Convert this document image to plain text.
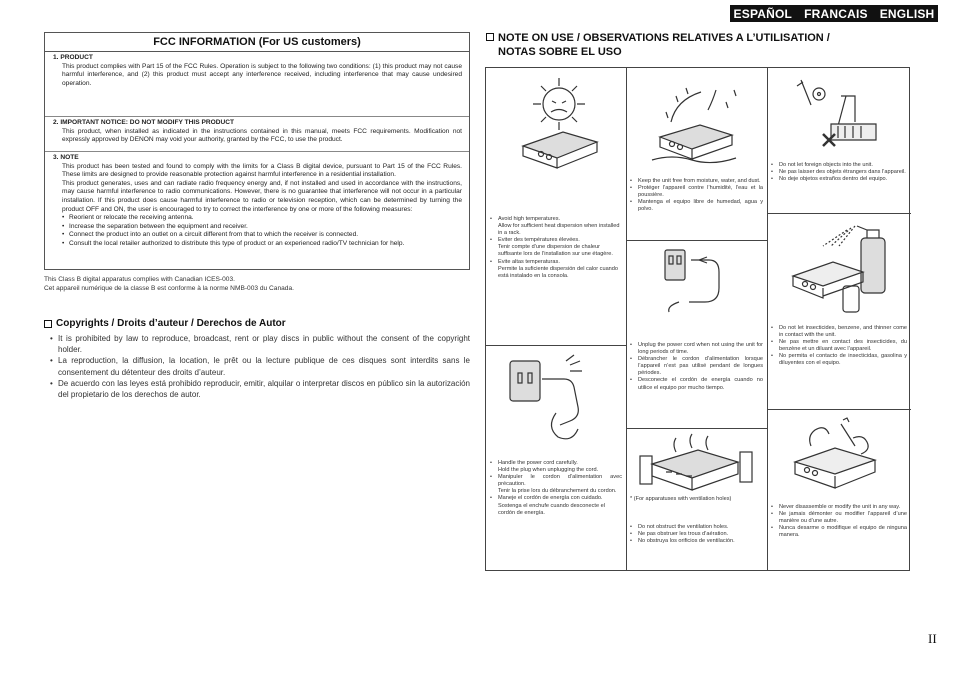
ESPAÑOL FRANCAIS ENGLISH
FCC INFORMATION (For US customers)
1. PRODUCT
This product complies with Part 15 of the FCC Rules. Operation is subject to the following two conditions: (1) this product may not cause harmful interference, and (2) this product must accept any interference received, including interference that may cause undesired operation.
2. IMPORTANT NOTICE: DO NOT MODIFY THIS PRODUCT
This product, when installed as indicated in the instructions contained in this manual, meets FCC requirements. Modification not expressly approved by DENON may void your authority, granted by the FCC, to use the product.
3. NOTE
This product has been tested and found to comply with the limits for a Class B digital device, pursuant to Part 15 of the FCC Rules. These limits are designed to provide reasonable protection against harmful interference in a residential installation.
This product generates, uses and can radiate radio frequency energy and, if not installed and used in accordance with the instructions, may cause harmful interference to radio communications. However, there is no guarantee that interference will not occur in a particular installation. If this product does cause harmful interference to radio or television reception, which can be determined by turning the product OFF and ON, the user is encouraged to try to correct the interference by one or more of the following measures:
• Reorient or relocate the receiving antenna.
• Increase the separation between the equipment and receiver.
• Connect the product into an outlet on a circuit different from that to which the receiver is connected.
• Consult the local retailer authorized to distribute this type of product or an experienced radio/TV technician for help.
This Class B digital apparatus complies with Canadian ICES-003.
Cet appareil numérique de la classe B est conforme à la norme NMB-003 du Canada.
Copyrights / Droits d’auteur / Derechos de Autor
• It is prohibited by law to reproduce, broadcast, rent or play discs in public without the consent of the copyright holder.
• La reproduction, la diffusion, la location, le prêt ou la lecture publique de ces disques sont interdits sans le consentement du détenteur des droits d’auteur.
• De acuerdo con las leyes está prohibido reproducir, emitir, alquilar o interpretar discos en público sin la autorización del propietario de los derechos de autor.
NOTE ON USE / OBSERVATIONS RELATIVES A L’UTILISATION /
NOTAS SOBRE EL USO
• Avoid high temperatures.
Allow for sufficient heat dispersion when installed in a rack.
• Eviter des températures élevées.
Tenir compte d’une dispersion de chaleur suffisante lors de l’installation sur une étagère.
• Evite altas temperaturas.
Permite la suficiente dispersión del calor cuando está instalado en la consola.
• Keep the unit free from moisture, water, and dust.
• Protéger l’appareil contre l’humidité, l’eau et la poussière.
• Mantenga el equipo libre de humedad, agua y polvo.
• Do not let foreign objects into the unit.
• Ne pas laisser des objets étrangers dans l’appareil.
• No deje objetos extraños dentro del equipo.
• Unplug the power cord when not using the unit for long periods of time.
• Débrancher le cordon d’alimentation lorsque l’appareil n’est pas utilisé pendant de longues périodes.
• Desconecte el cordón de energía cuando no utilice el equipo por mucho tiempo.
• Do not let insecticides, benzene, and thinner come in contact with the unit.
• Ne pas mettre en contact des insecticides, du benzène et un diluant avec l’appareil.
• No permita el contacto de insecticidas, gasolina y diluyentes con el equipo.
• Handle the power cord carefully.
Hold the plug when unplugging the cord.
• Manipuler le cordon d’alimentation avec précaution.
Tenir la prise lors du débranchement du cordon.
• Maneje el cordón de energía con cuidado.
Sostenga el enchufe cuando desconecte el cordón de energía.
* (For apparatuses with ventilation holes)
• Do not obstruct the ventilation holes.
• Ne pas obstruer les trous d’aération.
• No obstruya los orificios de ventilación.
• Never disassemble or modify the unit in any way.
• Ne jamais démonter ou modifier l’appareil d’une manière ou d’une autre.
• Nunca desarme o modifique el equipo de ninguna manera.
II
